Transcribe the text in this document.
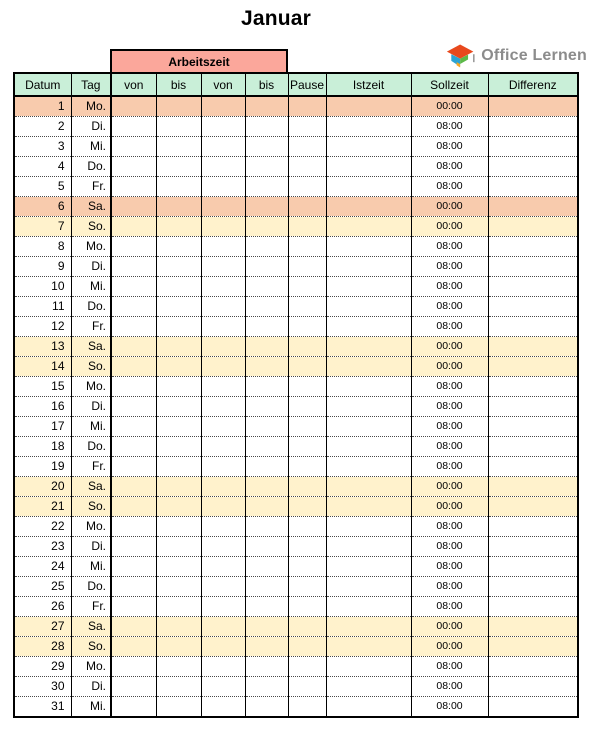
Januar
Office Lernen
Arbeitszeit
Datum	Tag	von	bis	von	bis	Pause	Istzeit	Sollzeit	Differenz
1	Mo.							00:00	
2	Di.							08:00	
3	Mi.							08:00	
4	Do.							08:00	
5	Fr.							08:00	
6	Sa.							00:00	
7	So.							00:00	
8	Mo.							08:00	
9	Di.							08:00	
10	Mi.							08:00	
11	Do.							08:00	
12	Fr.							08:00	
13	Sa.							00:00	
14	So.							00:00	
15	Mo.							08:00	
16	Di.							08:00	
17	Mi.							08:00	
18	Do.							08:00	
19	Fr.							08:00	
20	Sa.							00:00	
21	So.							00:00	
22	Mo.							08:00	
23	Di.							08:00	
24	Mi.							08:00	
25	Do.							08:00	
26	Fr.							08:00	
27	Sa.							00:00	
28	So.							00:00	
29	Mo.							08:00	
30	Di.							08:00	
31	Mi.							08:00	
